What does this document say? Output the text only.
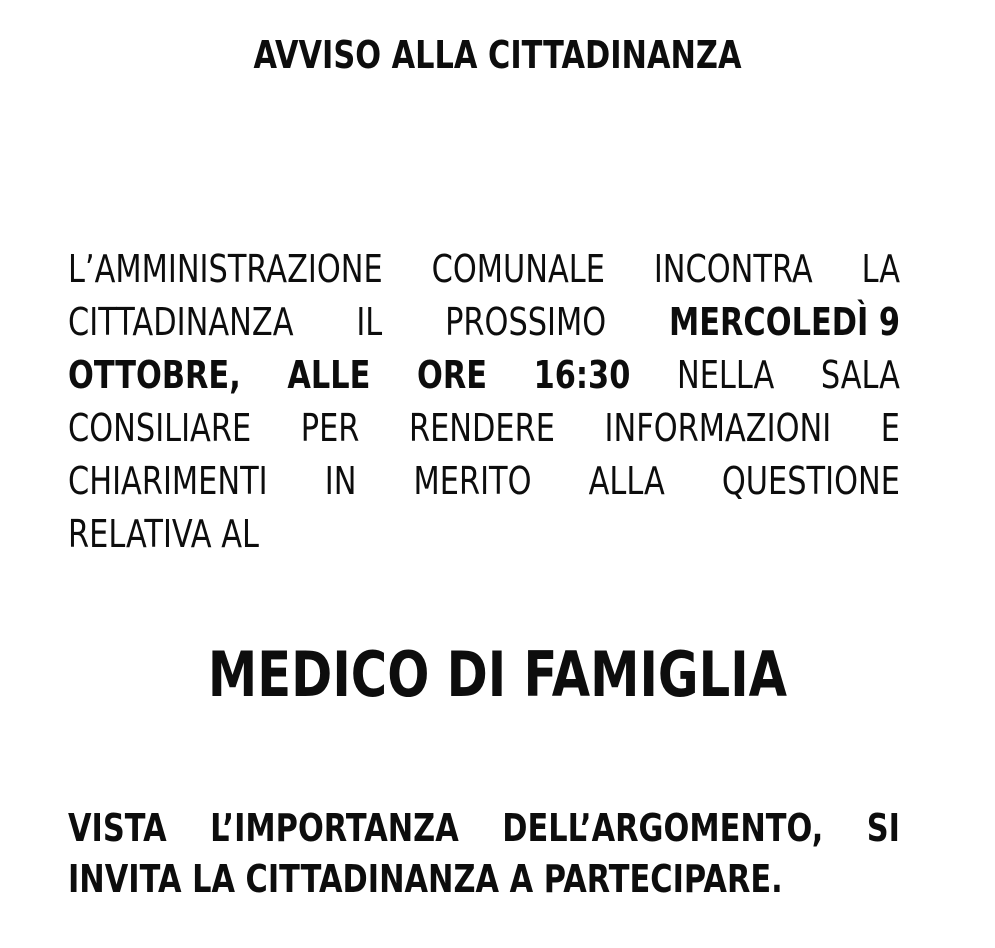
AVVISO ALLA CITTADINANZA
L’AMMINISTRAZIONE COMUNALE INCONTRA LA
CITTADINANZA IL PROSSIMO MERCOLEDÌ 9
OTTOBRE, ALLE ORE 16:30 NELLA SALA
CONSILIARE PER RENDERE INFORMAZIONI E
CHIARIMENTI IN MERITO ALLA QUESTIONE
RELATIVA AL
MEDICO DI FAMIGLIA
VISTA L’IMPORTANZA DELL’ARGOMENTO, SI
INVITA LA CITTADINANZA A PARTECIPARE.
